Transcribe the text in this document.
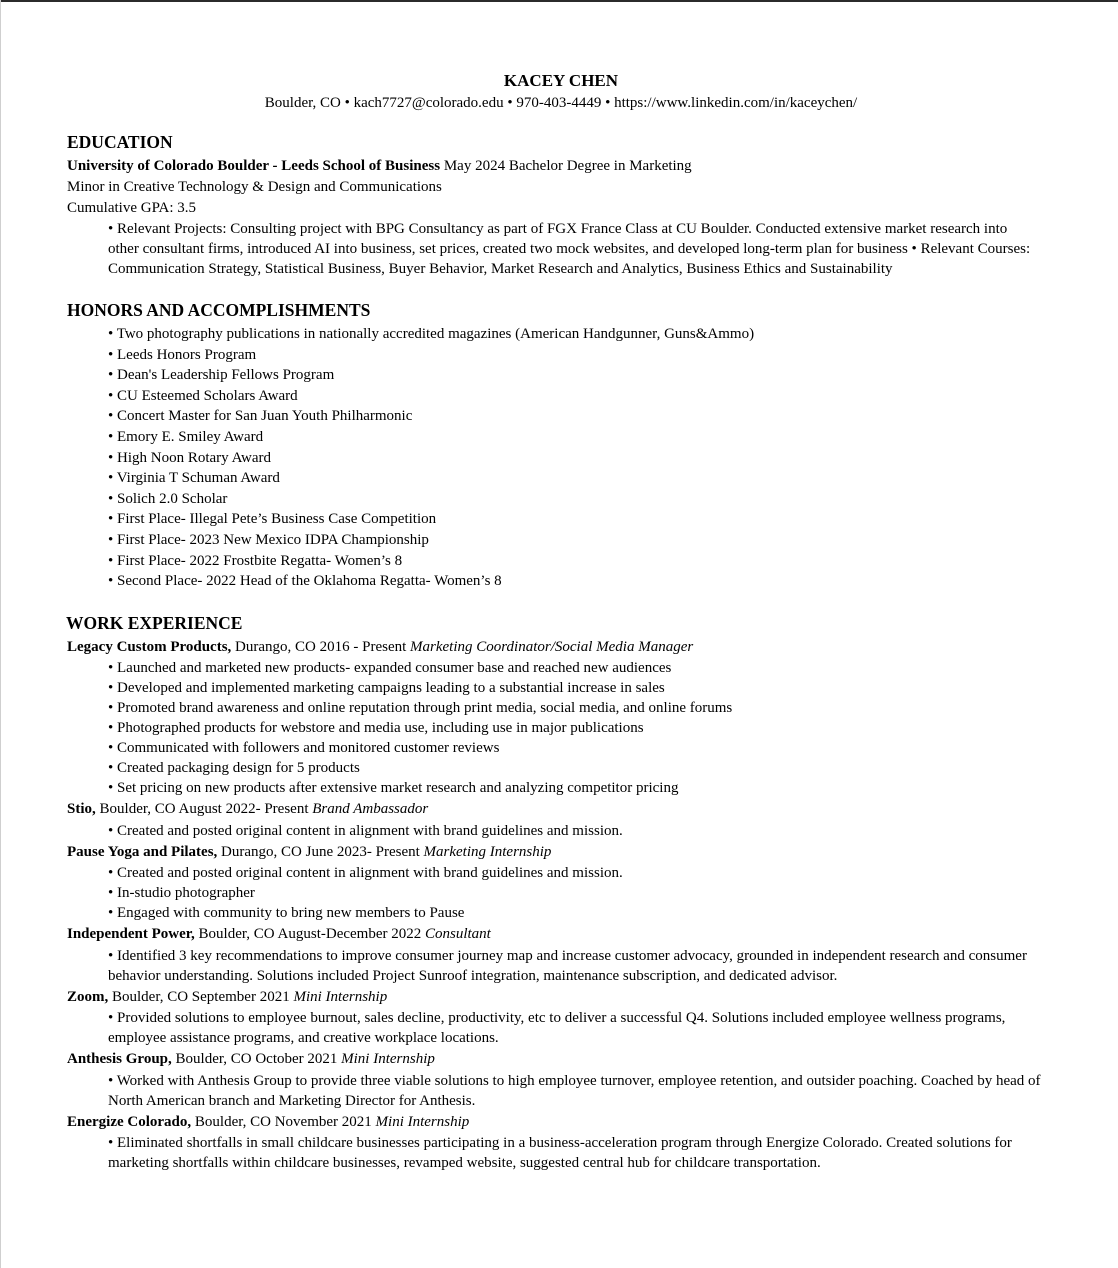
KACEY CHEN
Boulder, CO • kach7727@colorado.edu • 970-403-4449 • https://www.linkedin.com/in/kaceychen/
EDUCATION
University of Colorado Boulder - Leeds School of Business May 2024 Bachelor Degree in Marketing
Minor in Creative Technology & Design and Communications
Cumulative GPA: 3.5
• Relevant Projects: Consulting project with BPG Consultancy as part of FGX France Class at CU Boulder. Conducted extensive market research into other consultant firms, introduced AI into business, set prices, created two mock websites, and developed long-term plan for business • Relevant Courses: Communication Strategy, Statistical Business, Buyer Behavior, Market Research and Analytics, Business Ethics and Sustainability
HONORS AND ACCOMPLISHMENTS
• Two photography publications in nationally accredited magazines (American Handgunner, Guns&Ammo)
• Leeds Honors Program
• Dean's Leadership Fellows Program
• CU Esteemed Scholars Award
• Concert Master for San Juan Youth Philharmonic
• Emory E. Smiley Award
• High Noon Rotary Award
• Virginia T Schuman Award
• Solich 2.0 Scholar
• First Place- Illegal Pete’s Business Case Competition
• First Place- 2023 New Mexico IDPA Championship
• First Place- 2022 Frostbite Regatta- Women’s 8
• Second Place- 2022 Head of the Oklahoma Regatta- Women’s 8
WORK EXPERIENCE
Legacy Custom Products, Durango, CO 2016 - Present Marketing Coordinator/Social Media Manager
• Launched and marketed new products- expanded consumer base and reached new audiences
• Developed and implemented marketing campaigns leading to a substantial increase in sales
• Promoted brand awareness and online reputation through print media, social media, and online forums
• Photographed products for webstore and media use, including use in major publications
• Communicated with followers and monitored customer reviews
• Created packaging design for 5 products
• Set pricing on new products after extensive market research and analyzing competitor pricing
Stio, Boulder, CO August 2022- Present Brand Ambassador
• Created and posted original content in alignment with brand guidelines and mission.
Pause Yoga and Pilates, Durango, CO June 2023- Present Marketing Internship
• Created and posted original content in alignment with brand guidelines and mission.
• In-studio photographer
• Engaged with community to bring new members to Pause
Independent Power, Boulder, CO August-December 2022 Consultant
• Identified 3 key recommendations to improve consumer journey map and increase customer advocacy, grounded in independent research and consumer behavior understanding. Solutions included Project Sunroof integration, maintenance subscription, and dedicated advisor.
Zoom, Boulder, CO September 2021 Mini Internship
• Provided solutions to employee burnout, sales decline, productivity, etc to deliver a successful Q4. Solutions included employee wellness programs, employee assistance programs, and creative workplace locations.
Anthesis Group, Boulder, CO October 2021 Mini Internship
• Worked with Anthesis Group to provide three viable solutions to high employee turnover, employee retention, and outsider poaching. Coached by head of North American branch and Marketing Director for Anthesis.
Energize Colorado, Boulder, CO November 2021 Mini Internship
• Eliminated shortfalls in small childcare businesses participating in a business-acceleration program through Energize Colorado. Created solutions for marketing shortfalls within childcare businesses, revamped website, suggested central hub for childcare transportation.
